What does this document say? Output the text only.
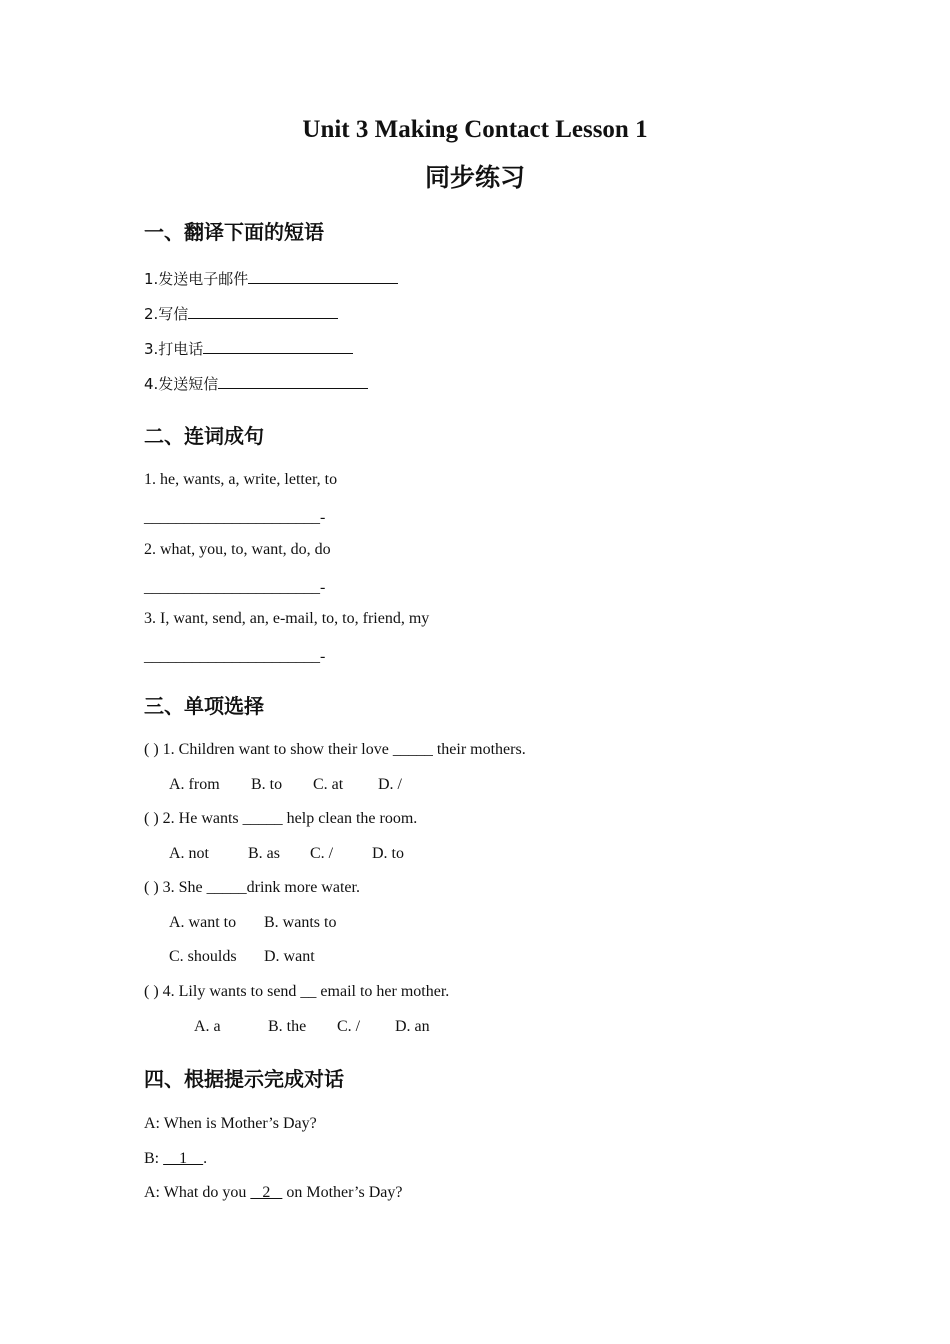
Unit 3 Making Contact Lesson 1
同步练习
一、翻译下面的短语
1.发送电子邮件
2.写信
3.打电话
4.发送短信
二、连词成句
1. he, wants, a, write, letter, to
______________________-
2. what, you, to, want, do, do
______________________-
3. I, want, send, an, e-mail, to, to, friend, my
______________________-
三、单项选择
( ) 1. Children want to show their love _____ their mothers.
A. from B. to C. at D. /
( ) 2. He wants _____ help clean the room.
A. not B. as C. / D. to
( ) 3. She _____drink more water.
A. want to B. wants to
C. shoulds D. want
( ) 4. Lily wants to send __ email to her mother.
A. a	B. the C. / D. an
四、根据提示完成对话
A: When is Mother’s Day?
B:     1    .
A: What do you    2    on Mother’s Day?
